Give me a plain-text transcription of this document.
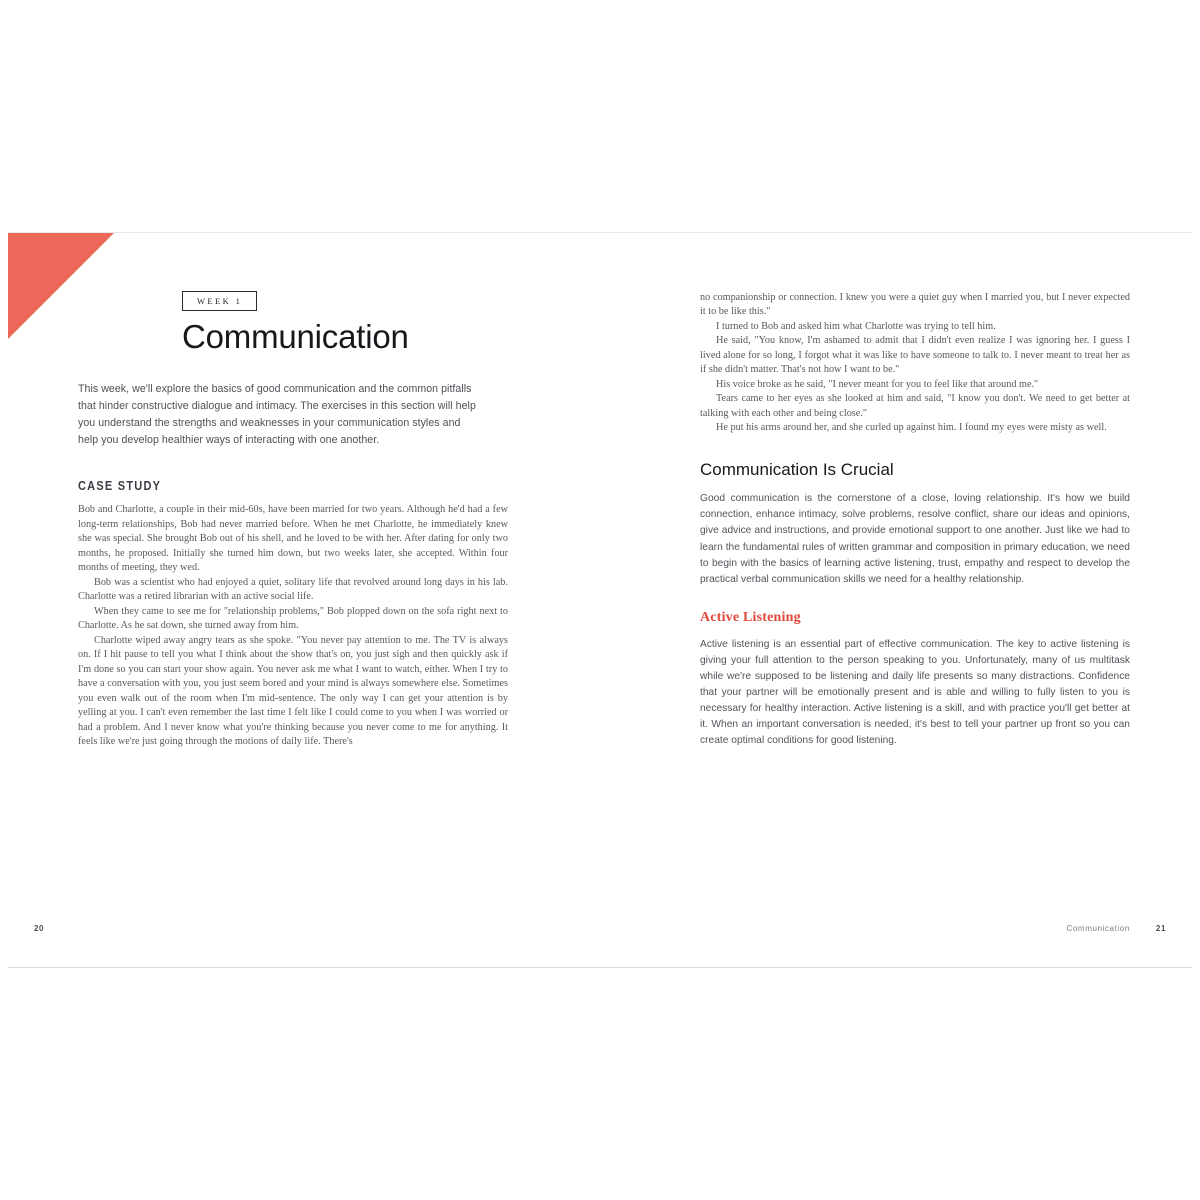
WEEK 1
Communication

This week, we'll explore the basics of good communication and the common pitfalls that hinder constructive dialogue and intimacy. The exercises in this section will help you understand the strengths and weaknesses in your communication styles and help you develop healthier ways of interacting with one another.

CASE STUDY

Bob and Charlotte, a couple in their mid-60s, have been married for two years. Although he'd had a few long-term relationships, Bob had never married before. When he met Charlotte, he immediately knew she was special. She brought Bob out of his shell, and he loved to be with her. After dating for only two months, he proposed. Initially she turned him down, but two weeks later, she accepted. Within four months of meeting, they wed.

Bob was a scientist who had enjoyed a quiet, solitary life that revolved around long days in his lab. Charlotte was a retired librarian with an active social life.

When they came to see me for "relationship problems," Bob plopped down on the sofa right next to Charlotte. As he sat down, she turned away from him.

Charlotte wiped away angry tears as she spoke. "You never pay attention to me. The TV is always on. If I hit pause to tell you what I think about the show that's on, you just sigh and then quickly ask if I'm done so you can start your show again. You never ask me what I want to watch, either. When I try to have a conversation with you, you just seem bored and your mind is always somewhere else. Sometimes you even walk out of the room when I'm mid-sentence. The only way I can get your attention is by yelling at you. I can't even remember the last time I felt like I could come to you when I was worried or had a problem. And I never know what you're thinking because you never come to me for anything. It feels like we're just going through the motions of daily life. There's

20

no companionship or connection. I knew you were a quiet guy when I married you, but I never expected it to be like this."

I turned to Bob and asked him what Charlotte was trying to tell him.

He said, "You know, I'm ashamed to admit that I didn't even realize I was ignoring her. I guess I lived alone for so long, I forgot what it was like to have someone to talk to. I never meant to treat her as if she didn't matter. That's not how I want to be."

His voice broke as he said, "I never meant for you to feel like that around me."

Tears came to her eyes as she looked at him and said, "I know you don't. We need to get better at talking with each other and being close."

He put his arms around her, and she curled up against him. I found my eyes were misty as well.

Communication Is Crucial

Good communication is the cornerstone of a close, loving relationship. It's how we build connection, enhance intimacy, solve problems, resolve conflict, share our ideas and opinions, give advice and instructions, and provide emotional support to one another. Just like we had to learn the fundamental rules of written grammar and composition in primary education, we need to begin with the basics of learning active listening, trust, empathy and respect to develop the practical verbal communication skills we need for a healthy relationship.

Active Listening

Active listening is an essential part of effective communication. The key to active listening is giving your full attention to the person speaking to you. Unfortunately, many of us multitask while we're supposed to be listening and daily life presents so many distractions. Confidence that your partner will be emotionally present and is able and willing to fully listen to you is necessary for healthy interaction. Active listening is a skill, and with practice you'll get better at it. When an important conversation is needed, it's best to tell your partner up front so you can create optimal conditions for good listening.

Communication	21
